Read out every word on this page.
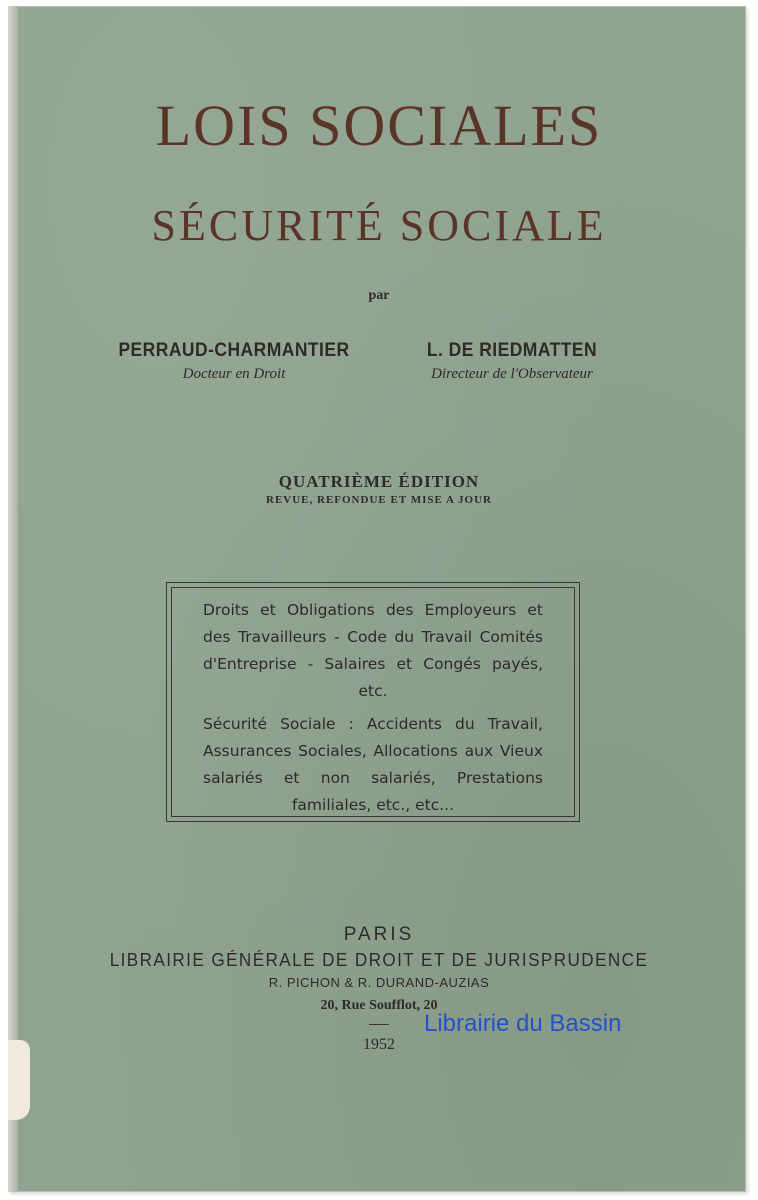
LOIS SOCIALES
SÉCURITÉ SOCIALE
par
PERRAUD-CHARMANTIER
Docteur en Droit
L. DE RIEDMATTEN
Directeur de l'Observateur
QUATRIÈME ÉDITION
REVUE, REFONDUE ET MISE A JOUR

Droits et Obligations des Employeurs et des Travailleurs - Code du Travail Comités d'Entreprise - Salaires et Congés payés, etc.

Sécurité Sociale : Accidents du Travail, Assurances Sociales, Allocations aux Vieux salariés et non salariés, Prestations familiales, etc., etc...

PARIS
LIBRAIRIE GÉNÉRALE DE DROIT ET DE JURISPRUDENCE
R. PICHON & R. DURAND-AUZIAS
20, Rue Soufflot, 20
1952
Librairie du Bassin
